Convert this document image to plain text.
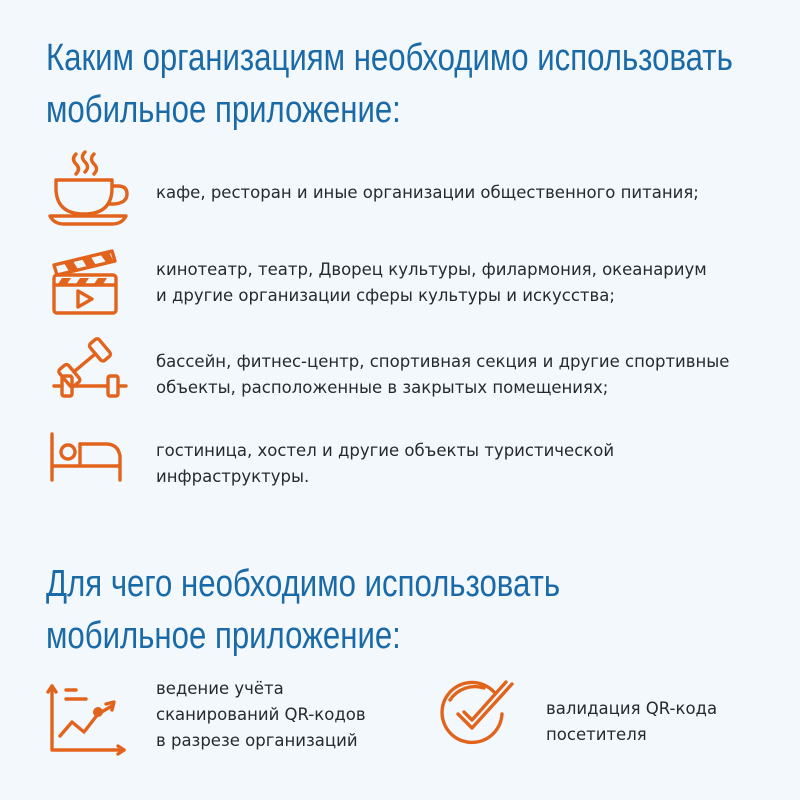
Каким организациям необходимо использовать
мобильное приложение:
кафе, ресторан и иные организации общественного питания;
кинотеатр, театр, Дворец культуры, филармония, океанариум
и другие организации сферы культуры и искусства;
бассейн, фитнес-центр, спортивная секция и другие спортивные
объекты, расположенные в закрытых помещениях;
гостиница, хостел и другие объекты туристической
инфраструктуры.
Для чего необходимо использовать
мобильное приложение:
ведение учёта
сканирований QR-кодов
в разрезе организаций
валидация QR-кода
посетителя
